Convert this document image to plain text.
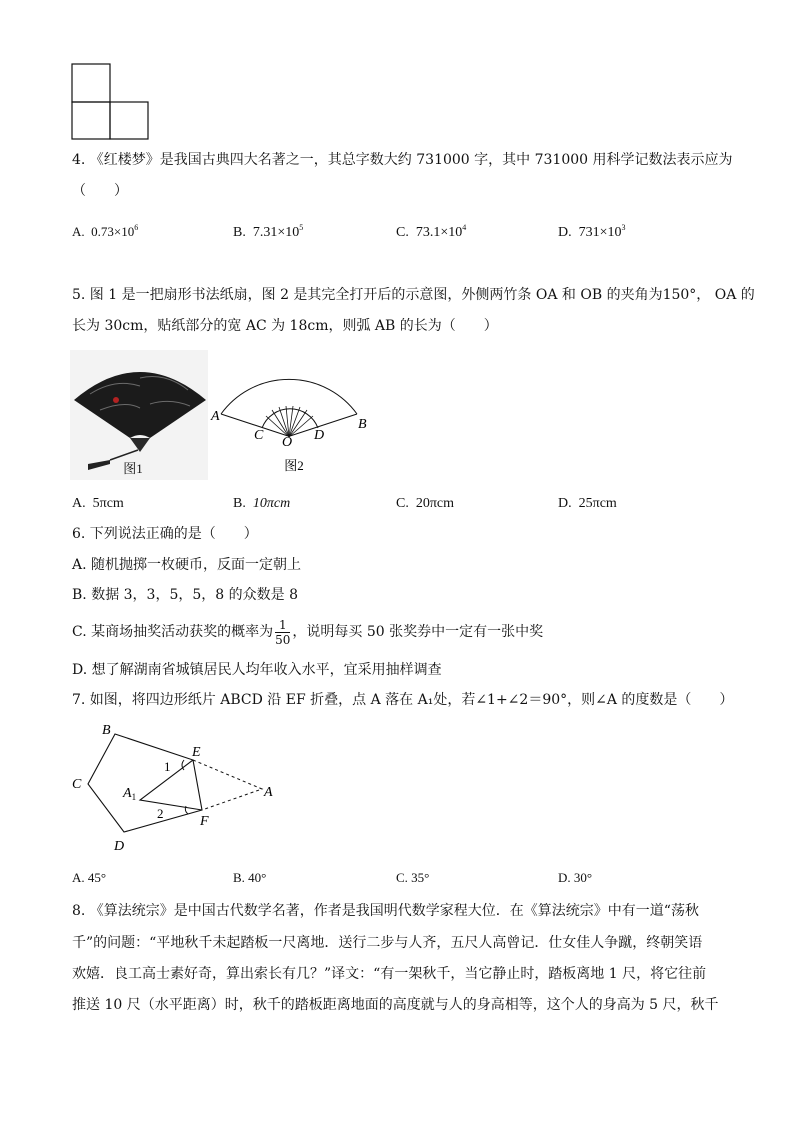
4. 《红楼梦》是我国古典四大名著之一，其总字数大约 731000 字，其中 731000 用科学记数法表示应为
（　　）
A. $0.73\times 10^6$	B. $7.31\times 10^5$	C. $73.1\times 10^4$	D. $731\times 10^3$
5. 图 1 是一把扇形书法纸扇，图 2 是其完全打开后的示意图，外侧两竹条 OA 和 OB 的夹角为150°， OA 的
长为 30cm，贴纸部分的宽 AC 为 18cm，则弧 AB 的长为（　　）
图1
A
B
C O D
图2
A. 5πcm	B. 10πcm	C. 20πcm	D. 25πcm
6. 下列说法正确的是（　　）
A. 随机抛掷一枚硬币，反面一定朝上
B. 数据 3，3，5，5，8 的众数是 8
C. 某商场抽奖活动获奖的概率为 $\frac{1}{50}$ ，说明每买 50 张奖券中一定有一张中奖
D. 想了解湖南省城镇居民人均年收入水平，宜采用抽样调查
7. 如图，将四边形纸片 ABCD 沿 EF 折叠，点 A 落在 A₁处，若∠1+∠2＝90°，则∠A 的度数是（　　）
B
E
C
1
$A_1$	A
2
F
D
A. 45°	B. 40°	C. 35°	D. 30°
8. 《算法统宗》是中国古代数学名著，作者是我国明代数学家程大位．在《算法统宗》中有一道“荡秋
千”的问题：“平地秋千未起踏板一尺离地．送行二步与人齐，五尺人高曾记．仕女佳人争蹴，终朝笑语
欢嬉．良工高士素好奇，算出索长有几？”译文：“有一架秋千，当它静止时，踏板离地 1 尺，将它往前
推送 10 尺（水平距离）时，秋千的踏板距离地面的高度就与人的身高相等，这个人的身高为 5 尺，秋千
